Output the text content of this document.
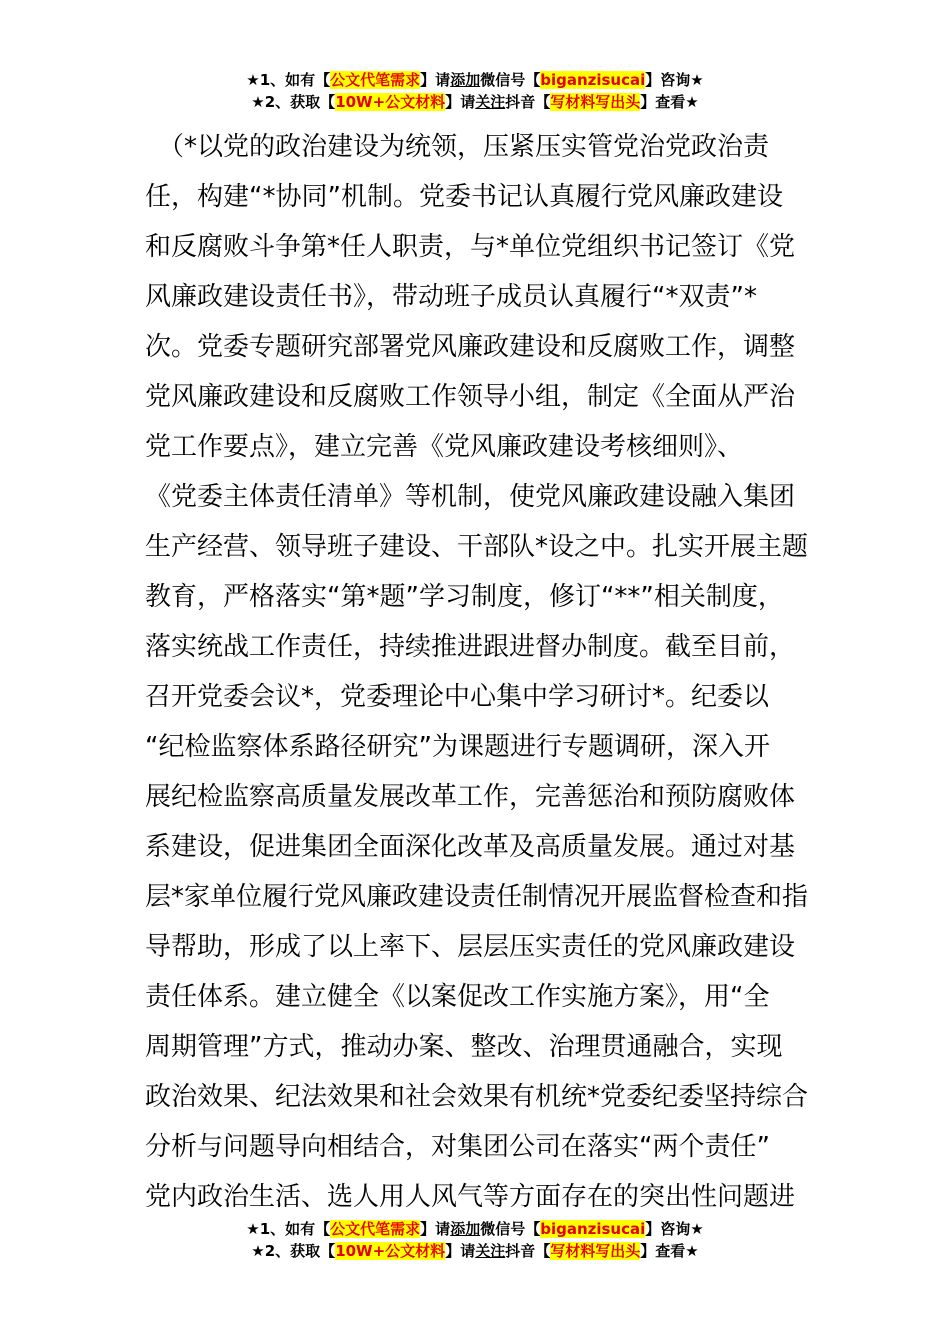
★1、如有【公文代笔需求】请添加微信号【biganzisucai】咨询★
★2、获取【10W+公文材料】请关注抖音【写材料写出头】查看★
　（*以党的政治建设为统领，压紧压实管党治党政治责
任，构建“*协同”机制。党委书记认真履行党风廉政建设
和反腐败斗争第*任人职责，与*单位党组织书记签订《党
风廉政建设责任书》，带动班子成员认真履行“*双责”*
次。党委专题研究部署党风廉政建设和反腐败工作，调整
党风廉政建设和反腐败工作领导小组，制定《全面从严治
党工作要点》，建立完善《党风廉政建设考核细则》、
《党委主体责任清单》等机制，使党风廉政建设融入集团
生产经营、领导班子建设、干部队*设之中。扎实开展主题
教育，严格落实“第*题”学习制度，修订“**”相关制度，
落实统战工作责任，持续推进跟进督办制度。截至目前，
召开党委会议*，党委理论中心集中学习研讨*。纪委以
“纪检监察体系路径研究”为课题进行专题调研，深入开
展纪检监察高质量发展改革工作，完善惩治和预防腐败体
系建设，促进集团全面深化改革及高质量发展。通过对基
层*家单位履行党风廉政建设责任制情况开展监督检查和指
导帮助，形成了以上率下、层层压实责任的党风廉政建设
责任体系。建立健全《以案促改工作实施方案》，用“全
周期管理”方式，推动办案、整改、治理贯通融合，实现
政治效果、纪法效果和社会效果有机统*党委纪委坚持综合
分析与问题导向相结合，对集团公司在落实“两个责任”
党内政治生活、选人用人风气等方面存在的突出性问题进
★1、如有【公文代笔需求】请添加微信号【biganzisucai】咨询★
★2、获取【10W+公文材料】请关注抖音【写材料写出头】查看★
